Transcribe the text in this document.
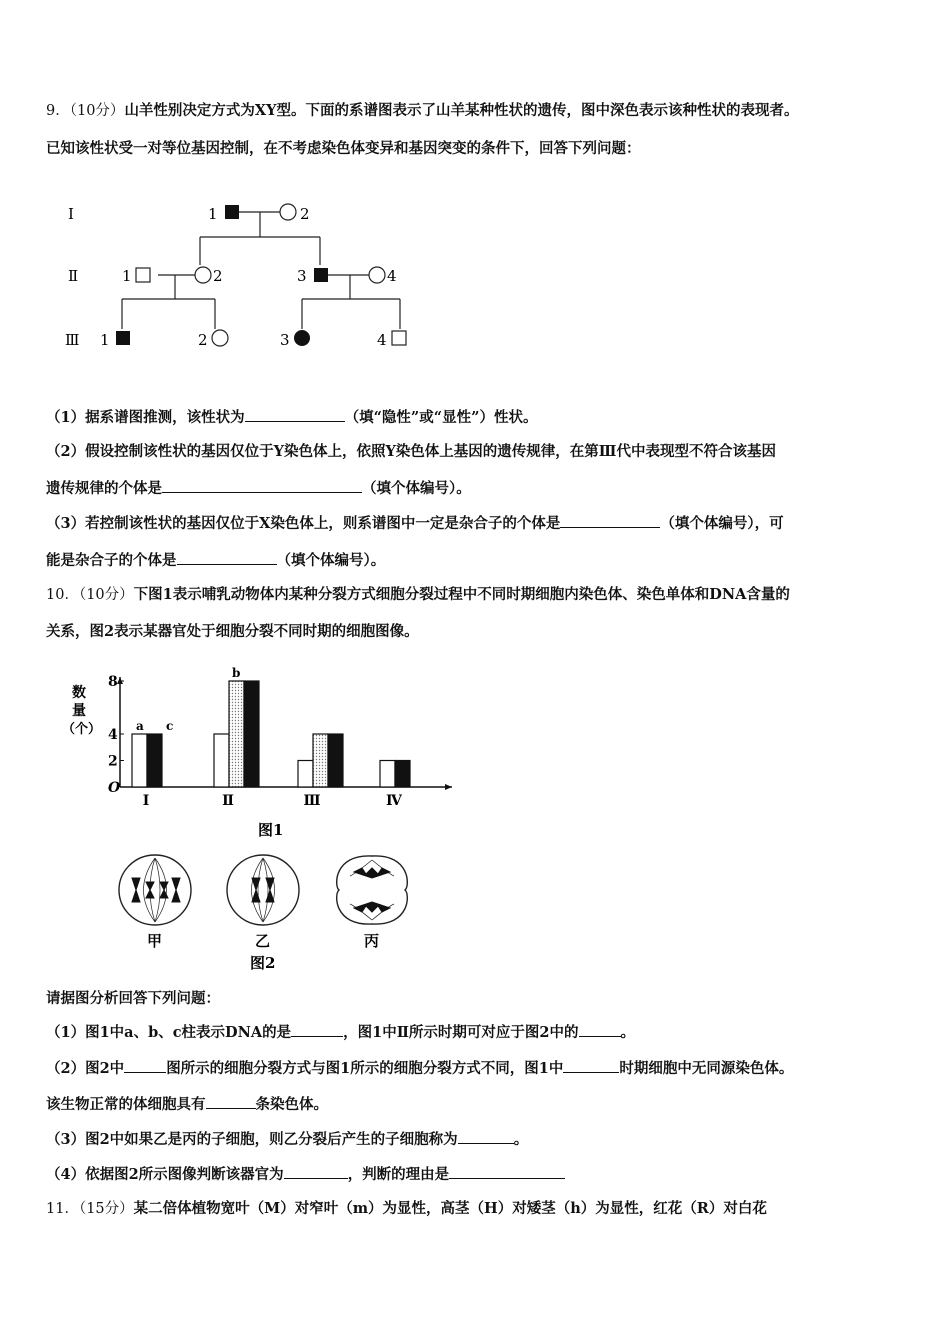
9．（10分）山羊性别决定方式为XY型。下面的系谱图表示了山羊某种性状的遗传，图中深色表示该种性状的表现者。
已知该性状受一对等位基因控制，在不考虑染色体变异和基因突变的条件下，回答下列问题：
Ⅰ
Ⅱ
Ⅲ
1	2
1	2	3	4
1	2	3	4
（1）据系谱图推测，该性状为	（填“隐性”或“显性”）性状。
（2）假设控制该性状的基因仅位于Y染色体上，依照Y染色体上基因的遗传规律，在第Ⅲ代中表现型不符合该基因
遗传规律的个体是	（填个体编号）。
（3）若控制该性状的基因仅位于X染色体上，则系谱图中一定是杂合子的个体是	（填个体编号），可
能是杂合子的个体是	（填个体编号）。
10．（10分）下图1表示哺乳动物体内某种分裂方式细胞分裂过程中不同时期细胞内染色体、染色单体和DNA含量的
关系，图2表示某器官处于细胞分裂不同时期的细胞图像。
O
2
4
8
数
量
（个）
Ⅰ	Ⅱ	Ⅲ	Ⅳ
a c
b
图1
甲	乙	丙
图2
请据图分析回答下列问题：
（1）图1中a、b、c柱表示DNA的是	，图1中Ⅱ所示时期可对应于图2中的	。
（2）图2中	图所示的细胞分裂方式与图1所示的细胞分裂方式不同，图1中	时期细胞中无同源染色体。
该生物正常的体细胞具有	条染色体。
（3）图2中如果乙是丙的子细胞，则乙分裂后产生的子细胞称为	。
（4）依据图2所示图像判断该器官为	，判断的理由是
11．（15分）某二倍体植物宽叶（M）对窄叶（m）为显性，高茎（H）对矮茎（h）为显性，红花（R）对白花
